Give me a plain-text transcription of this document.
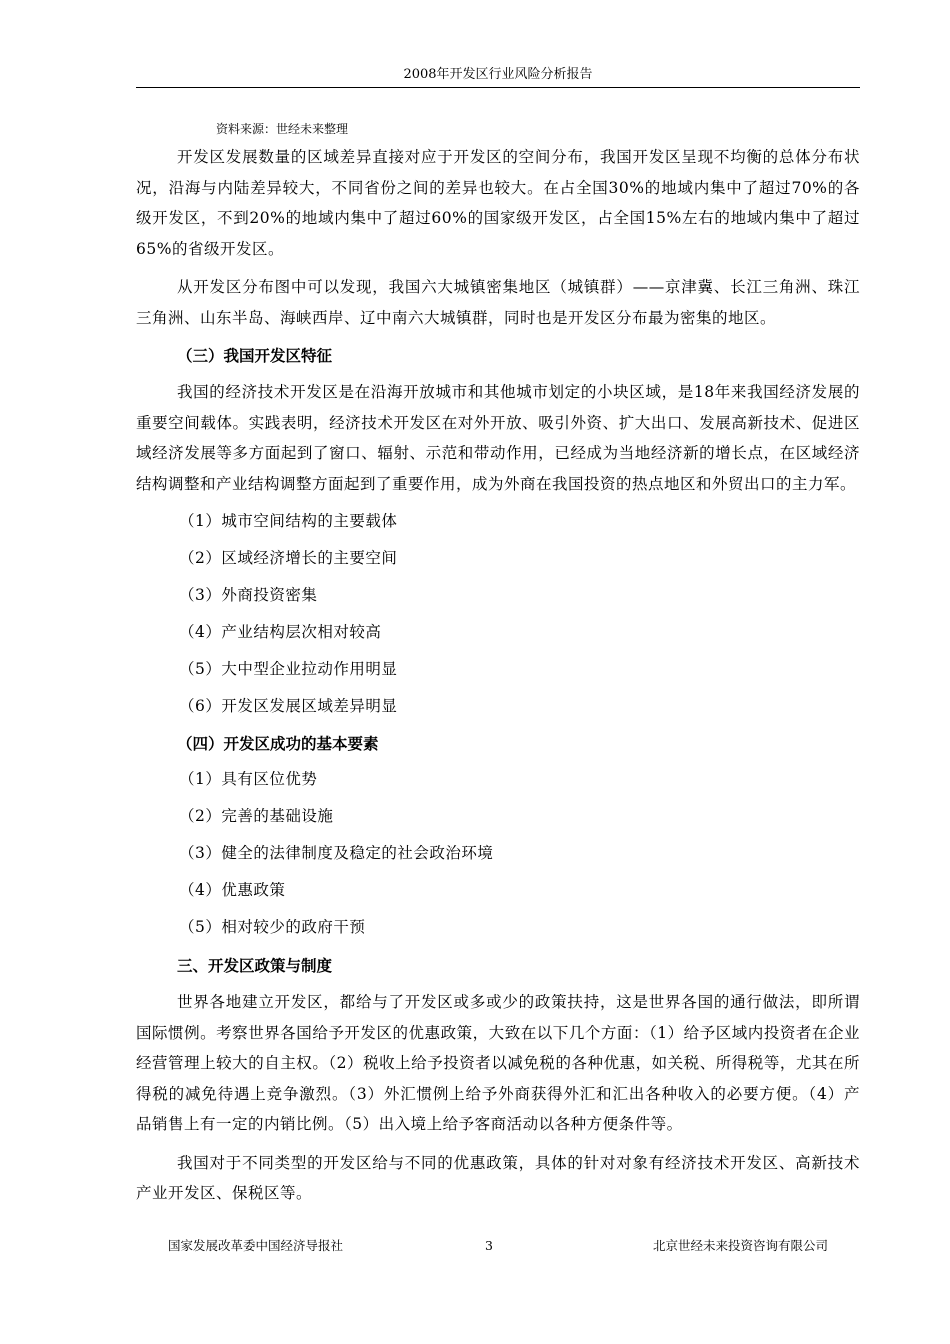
2008年开发区行业风险分析报告
资料来源：世经未来整理

开发区发展数量的区域差异直接对应于开发区的空间分布，我国开发区呈现不均衡的总体分布状况，沿海与内陆差异较大，不同省份之间的差异也较大。在占全国30%的地域内集中了超过70%的各级开发区，不到20%的地域内集中了超过60%的国家级开发区，占全国15%左右的地域内集中了超过65%的省级开发区。

从开发区分布图中可以发现，我国六大城镇密集地区（城镇群）——京津冀、长江三角洲、珠江三角洲、山东半岛、海峡西岸、辽中南六大城镇群，同时也是开发区分布最为密集的地区。

（三）我国开发区特征

我国的经济技术开发区是在沿海开放城市和其他城市划定的小块区域，是18年来我国经济发展的重要空间载体。实践表明，经济技术开发区在对外开放、吸引外资、扩大出口、发展高新技术、促进区域经济发展等多方面起到了窗口、辐射、示范和带动作用，已经成为当地经济新的增长点，在区域经济结构调整和产业结构调整方面起到了重要作用，成为外商在我国投资的热点地区和外贸出口的主力军。

（1）城市空间结构的主要载体
（2）区域经济增长的主要空间
（3）外商投资密集
（4）产业结构层次相对较高
（5）大中型企业拉动作用明显
（6）开发区发展区域差异明显
（四）开发区成功的基本要素
（1）具有区位优势
（2）完善的基础设施
（3）健全的法律制度及稳定的社会政治环境
（4）优惠政策
（5）相对较少的政府干预
三、开发区政策与制度

世界各地建立开发区，都给与了开发区或多或少的政策扶持，这是世界各国的通行做法，即所谓国际惯例。考察世界各国给予开发区的优惠政策，大致在以下几个方面：（1）给予区域内投资者在企业经营管理上较大的自主权。（2）税收上给予投资者以减免税的各种优惠，如关税、所得税等，尤其在所得税的减免待遇上竞争激烈。（3）外汇惯例上给予外商获得外汇和汇出各种收入的必要方便。（4）产品销售上有一定的内销比例。（5）出入境上给予客商活动以各种方便条件等。

我国对于不同类型的开发区给与不同的优惠政策，具体的针对对象有经济技术开发区、高新技术产业开发区、保税区等。

国家发展改革委中国经济导报社	3	北京世经未来投资咨询有限公司
